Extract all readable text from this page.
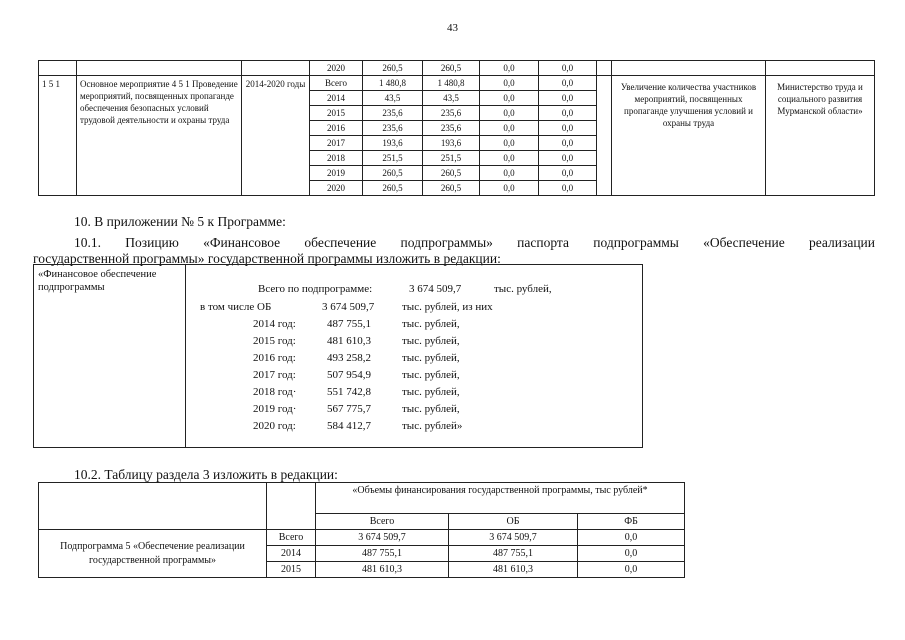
43
			2020	260,5	260,5	0,0	0,0			
1 5 1	Основное мероприятие 4 5 1 Проведение мероприятий, посвященных пропаганде обеспечения безопасных условий трудовой деятельности и охраны труда	2014-2020 годы	Всего	1 480,8	1 480,8	0,0	0,0		Увеличение количества участников мероприятий, посвященных пропаганде улучшения условий и охраны труда	Министерство труда и социального развития Мурманской области»
			2014	43,5	43,5	0,0	0,0			
			2015	235,6	235,6	0,0	0,0			
			2016	235,6	235,6	0,0	0,0			
			2017	193,6	193,6	0,0	0,0			
			2018	251,5	251,5	0,0	0,0			
			2019	260,5	260,5	0,0	0,0			
			2020	260,5	260,5	0,0	0,0			
10. В приложении № 5 к Программе:
10.1. Позицию «Финансовое обеспечение подпрограммы» паспорта подпрограммы «Обеспечение реализации
государственной программы» государственной программы изложить в редакции:
«Финансовое обеспечение подпрограммы	Всего по подпрограмме:	3 674 509,7	тыс. рублей,
в том числе ОБ	3 674 509,7	тыс. рублей, из них
2014 год:	487 755,1	тыс. рублей,
2015 год:	481 610,3	тыс. рублей,
2016 год:	493 258,2	тыс. рублей,
2017 год:	507 954,9	тыс. рублей,
2018 год·	551 742,8	тыс. рублей,
2019 год·	567 775,7	тыс. рублей,
2020 год:	584 412,7	тыс. рублей»
10.2. Таблицу раздела 3 изложить в редакции:
		«Объемы финансирования государственной программы, тыс рублей*		
		Всего	ОБ	ФБ
Подпрограмма 5 «Обеспечение реализации государственной программы»	Всего	3 674 509,7	3 674 509,7	0,0
	2014	487 755,1	487 755,1	0,0
	2015	481 610,3	481 610,3	0,0
